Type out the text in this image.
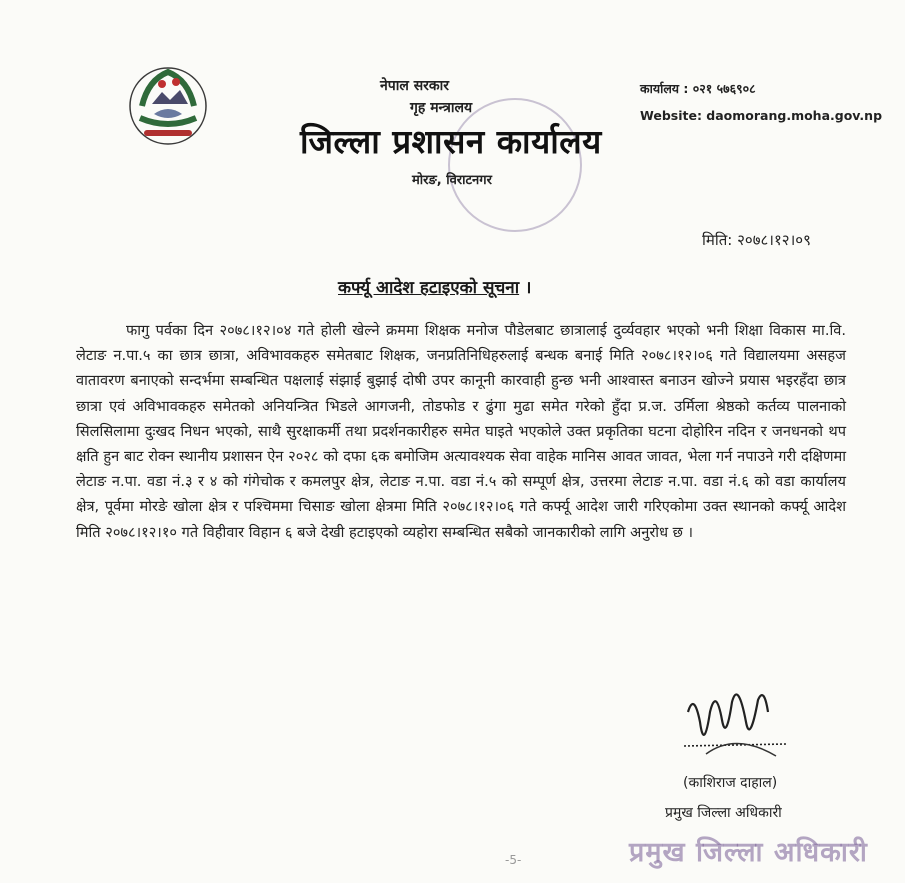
नेपाल सरकार
गृह मन्त्रालय
जिल्ला प्रशासन कार्यालय
मोरङ, विराटनगर
कार्यालय : ०२१ ५७६९०८
Website: daomorang.moha.gov.np
मिति: २०७८।१२।०९
कर्फ्यू आदेश हटाइएको सूचना ।

फागु पर्वका दिन २०७८।१२।०४ गते होली खेल्ने क्रममा शिक्षक मनोज पौडेलबाट छात्रालाई दुर्व्यवहार भएको भनी शिक्षा विकास मा.वि. लेटाङ न.पा.५ का छात्र छात्रा, अविभावकहरु समेतबाट शिक्षक, जनप्रतिनिधिहरुलाई बन्धक बनाई मिति २०७८।१२।०६ गते विद्यालयमा असहज वातावरण बनाएको सन्दर्भमा सम्बन्धित पक्षलाई संझाई बुझाई दोषी उपर कानूनी कारवाही हुन्छ भनी आश्वास्त बनाउन खोज्ने प्रयास भइरहँदा छात्र छात्रा एवं अविभावकहरु समेतको अनियन्त्रित भिडले आगजनी, तोडफोड र ढुंगा मुढा समेत गरेको हुँदा प्र.ज. उर्मिला श्रेष्ठको कर्तव्य पालनाको सिलसिलामा दुःखद निधन भएको, साथै सुरक्षाकर्मी तथा प्रदर्शनकारीहरु समेत घाइते भएकोले उक्त प्रकृतिका घटना दोहोरिन नदिन र जनधनको थप क्षति हुन बाट रोक्न स्थानीय प्रशासन ऐन २०२८ को दफा ६क बमोजिम अत्यावश्यक सेवा वाहेक मानिस आवत जावत, भेला गर्न नपाउने गरी दक्षिणमा लेटाङ न.पा. वडा नं.३ र ४ को गंगेचोक र कमलपुर क्षेत्र, लेटाङ न.पा. वडा नं.५ को सम्पूर्ण क्षेत्र, उत्तरमा लेटाङ न.पा. वडा नं.६ को वडा कार्यालय क्षेत्र, पूर्वमा मोरङे खोला क्षेत्र र पश्चिममा चिसाङ खोला क्षेत्रमा मिति २०७८।१२।०६ गते कर्फ्यू आदेश जारी गरिएकोमा उक्त स्थानको कर्फ्यू आदेश मिति २०७८।१२।१० गते विहीवार विहान ६ बजे देखी हटाइएको व्यहोरा सम्बन्धित सबैको जानकारीको लागि अनुरोध छ ।

(काशिराज दाहाल)
प्रमुख जिल्ला अधिकारी
प्रमुख जिल्ला अधिकारी
-5-
